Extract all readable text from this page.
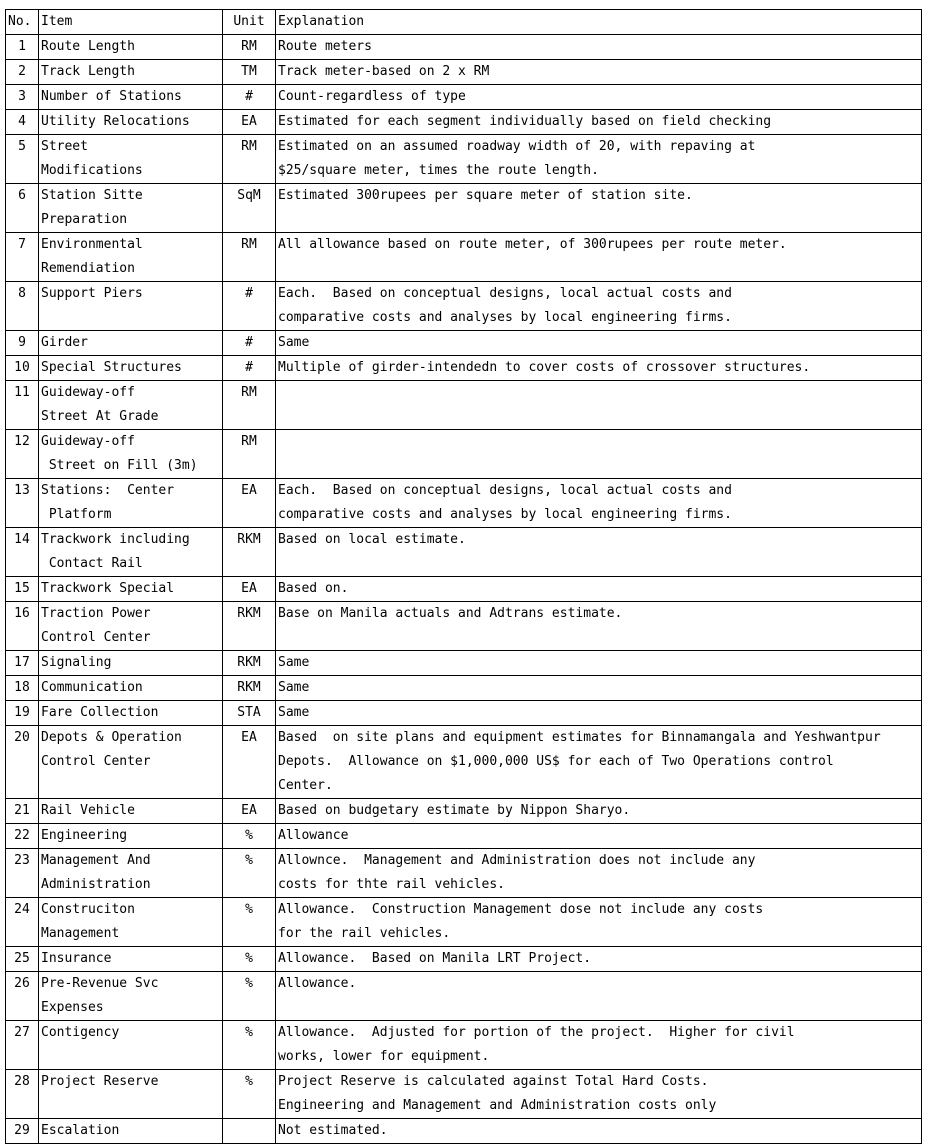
No.	Item	Unit	Explanation
1	Route Length	RM	Route meters
2	Track Length	TM	Track meter-based on 2 x RM
3	Number of Stations	#	Count-regardless of type
4	Utility Relocations	EA	Estimated for each segment individually based on field checking
5	Street
Modifications	RM	Estimated on an assumed roadway width of 20, with repaving at
$25/square meter, times the route length.
6	Station Sitte
Preparation	SqM	Estimated 300rupees per square meter of station site.
7	Environmental
Remendiation	RM	All allowance based on route meter, of 300rupees per route meter.
8	Support Piers	#	Each.  Based on conceptual designs, local actual costs and
comparative costs and analyses by local engineering firms.
9	Girder	#	Same
10	Special Structures	#	Multiple of girder-intendedn to cover costs of crossover structures.
11	Guideway-off
Street At Grade	RM	
12	Guideway-off
Street on Fill (3m)	RM	
13	Stations:  Center
Platform	EA	Each.  Based on conceptual designs, local actual costs and
comparative costs and analyses by local engineering firms.
14	Trackwork including
Contact Rail	RKM	Based on local estimate.
15	Trackwork Special	EA	Based on.
16	Traction Power
Control Center	RKM	Base on Manila actuals and Adtrans estimate.
17	Signaling	RKM	Same
18	Communication	RKM	Same
19	Fare Collection	STA	Same
20	Depots & Operation
Control Center	EA	Based  on site plans and equipment estimates for Binnamangala and Yeshwantpur
Depots.  Allowance on $1,000,000 US$ for each of Two Operations control
Center.
21	Rail Vehicle	EA	Based on budgetary estimate by Nippon Sharyo.
22	Engineering	%	Allowance
23	Management And
Administration	%	Allownce.  Management and Administration does not include any
costs for thte rail vehicles.
24	Construciton
Management	%	Allowance.  Construction Management dose not include any costs
for the rail vehicles.
25	Insurance	%	Allowance.  Based on Manila LRT Project.
26	Pre-Revenue Svc
Expenses	%	Allowance.
27	Contigency	%	Allowance.  Adjusted for portion of the project.  Higher for civil
works, lower for equipment.
28	Project Reserve	%	Project Reserve is calculated against Total Hard Costs.
Engineering and Management and Administration costs only
29	Escalation		Not estimated.
